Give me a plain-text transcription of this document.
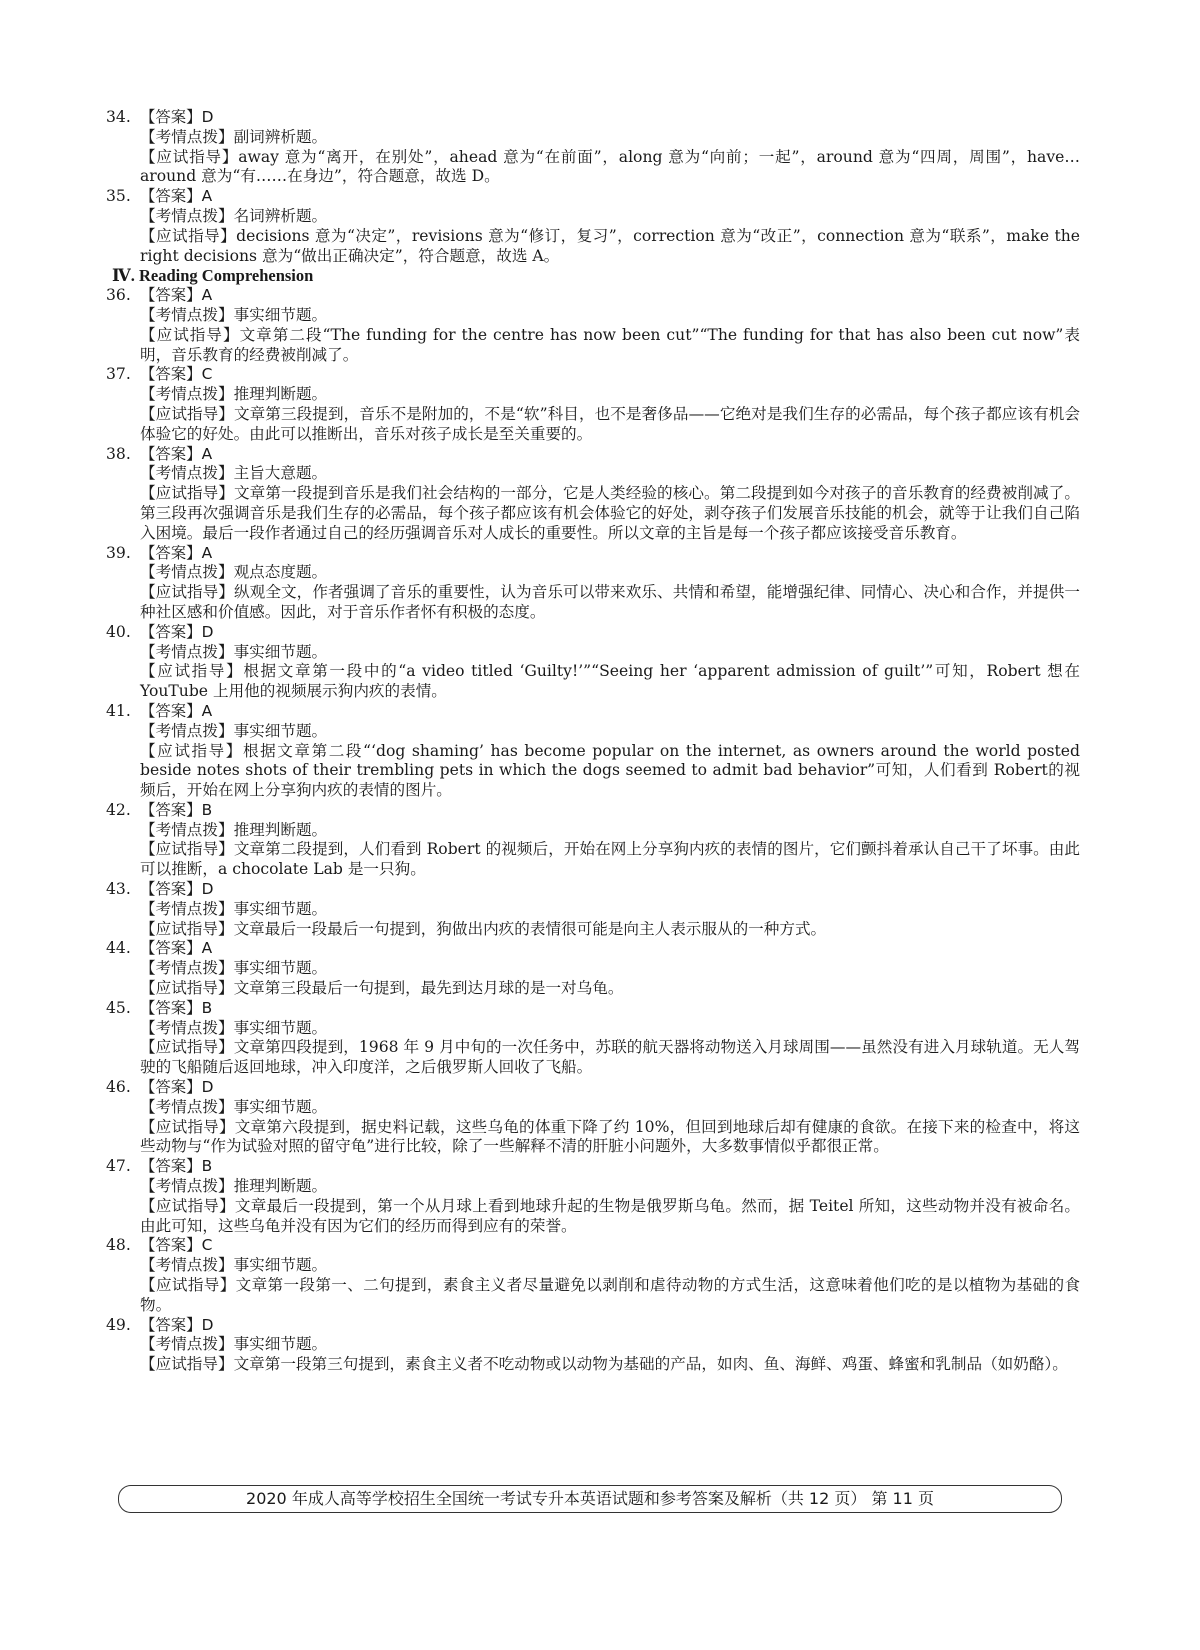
34. 【答案】D

【考情点拨】副词辨析题。

【应试指导】away 意为“离开，在别处”，ahead 意为“在前面”，along 意为“向前；一起”，around 意为“四周，周围”，have…around 意为“有……在身边”，符合题意，故选 D。

35. 【答案】A

【考情点拨】名词辨析题。

【应试指导】decisions 意为“决定”，revisions 意为“修订，复习”，correction 意为“改正”，connection 意为“联系”，make the right decisions 意为“做出正确决定”，符合题意，故选 A。

Ⅳ. Reading Comprehension

36. 【答案】A

【考情点拨】事实细节题。

【应试指导】文章第二段“The funding for the centre has now been cut”“The funding for that has also been cut now”表明，音乐教育的经费被削减了。

37. 【答案】C

【考情点拨】推理判断题。

【应试指导】文章第三段提到，音乐不是附加的，不是“软”科目，也不是奢侈品——它绝对是我们生存的必需品，每个孩子都应该有机会体验它的好处。由此可以推断出，音乐对孩子成长是至关重要的。

38. 【答案】A

【考情点拨】主旨大意题。

【应试指导】文章第一段提到音乐是我们社会结构的一部分，它是人类经验的核心。第二段提到如今对孩子的音乐教育的经费被削减了。第三段再次强调音乐是我们生存的必需品，每个孩子都应该有机会体验它的好处，剥夺孩子们发展音乐技能的机会，就等于让我们自己陷入困境。最后一段作者通过自己的经历强调音乐对人成长的重要性。所以文章的主旨是每一个孩子都应该接受音乐教育。

39. 【答案】A

【考情点拨】观点态度题。

【应试指导】纵观全文，作者强调了音乐的重要性，认为音乐可以带来欢乐、共情和希望，能增强纪律、同情心、决心和合作，并提供一种社区感和价值感。因此，对于音乐作者怀有积极的态度。

40. 【答案】D

【考情点拨】事实细节题。

【应试指导】根据文章第一段中的“a video titled ‘Guilty!’”“Seeing her ‘apparent admission of guilt’”可知，Robert 想在 YouTube 上用他的视频展示狗内疚的表情。

41. 【答案】A

【考情点拨】事实细节题。

【应试指导】根据文章第二段“‘dog shaming’ has become popular on the internet, as owners around the world posted beside notes shots of their trembling pets in which the dogs seemed to admit bad behavior”可知，人们看到 Robert的视频后，开始在网上分享狗内疚的表情的图片。

42. 【答案】B

【考情点拨】推理判断题。

【应试指导】文章第二段提到，人们看到 Robert 的视频后，开始在网上分享狗内疚的表情的图片，它们颤抖着承认自己干了坏事。由此可以推断，a chocolate Lab 是一只狗。

43. 【答案】D

【考情点拨】事实细节题。

【应试指导】文章最后一段最后一句提到，狗做出内疚的表情很可能是向主人表示服从的一种方式。

44. 【答案】A

【考情点拨】事实细节题。

【应试指导】文章第三段最后一句提到，最先到达月球的是一对乌龟。

45. 【答案】B

【考情点拨】事实细节题。

【应试指导】文章第四段提到，1968 年 9 月中旬的一次任务中，苏联的航天器将动物送入月球周围——虽然没有进入月球轨道。无人驾驶的飞船随后返回地球，冲入印度洋，之后俄罗斯人回收了飞船。

46. 【答案】D

【考情点拨】事实细节题。

【应试指导】文章第六段提到，据史料记载，这些乌龟的体重下降了约 10%，但回到地球后却有健康的食欲。在接下来的检查中，将这些动物与“作为试验对照的留守龟”进行比较，除了一些解释不清的肝脏小问题外，大多数事情似乎都很正常。

47. 【答案】B

【考情点拨】推理判断题。

【应试指导】文章最后一段提到，第一个从月球上看到地球升起的生物是俄罗斯乌龟。然而，据 Teitel 所知，这些动物并没有被命名。由此可知，这些乌龟并没有因为它们的经历而得到应有的荣誉。

48. 【答案】C

【考情点拨】事实细节题。

【应试指导】文章第一段第一、二句提到，素食主义者尽量避免以剥削和虐待动物的方式生活，这意味着他们吃的是以植物为基础的食物。

49. 【答案】D

【考情点拨】事实细节题。

【应试指导】文章第一段第三句提到，素食主义者不吃动物或以动物为基础的产品，如肉、鱼、海鲜、鸡蛋、蜂蜜和乳制品（如奶酪）。

2020 年成人高等学校招生全国统一考试专升本英语试题和参考答案及解析（共 12 页） 第 11 页
